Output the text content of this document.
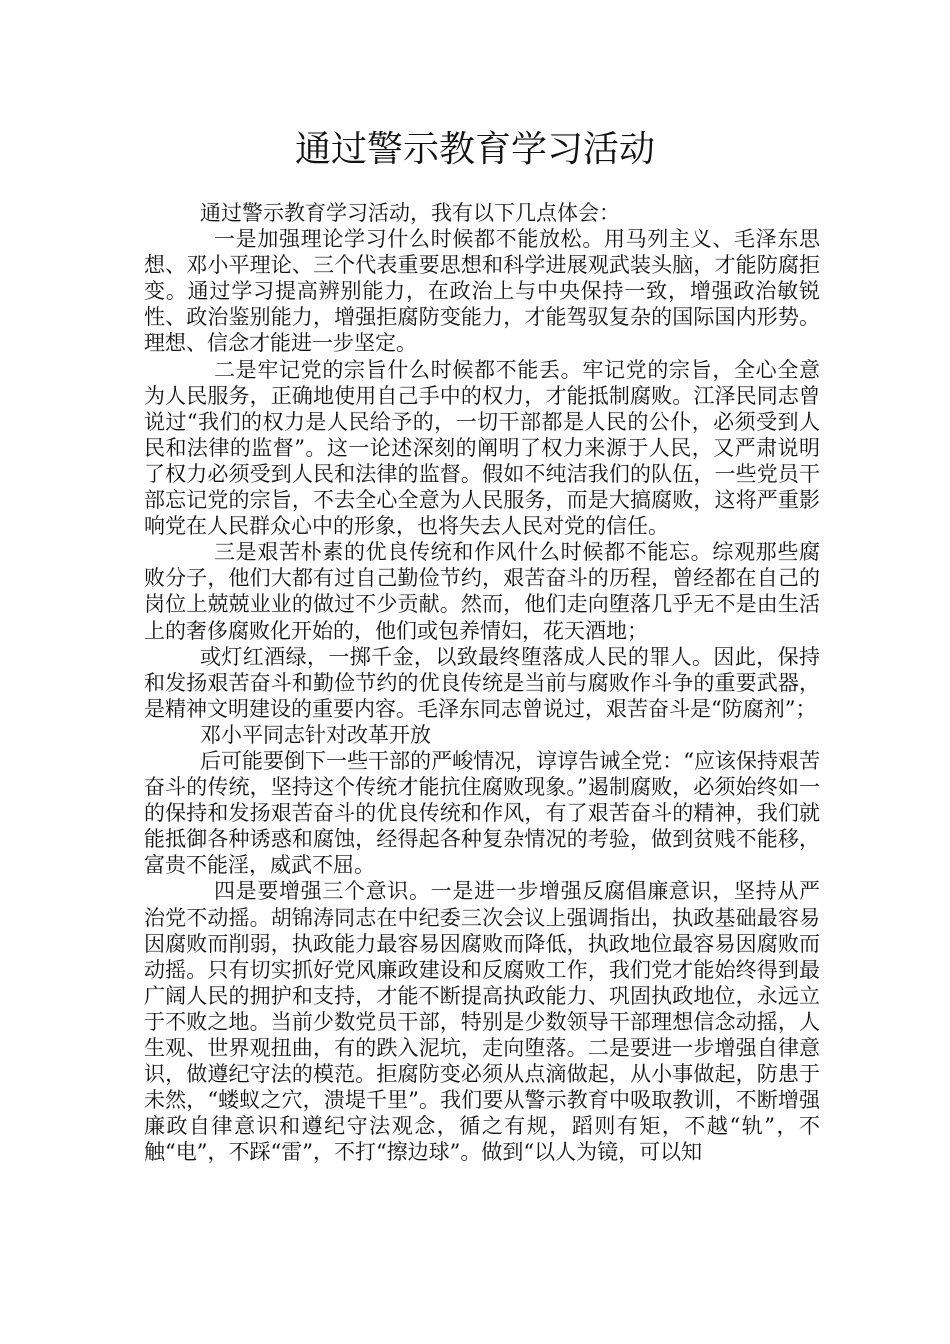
通过警示教育学习活动

通过警示教育学习活动，我有以下几点体会：

一是加强理论学习什么时候都不能放松。用马列主义、毛泽东思想、邓小平理论、三个代表重要思想和科学进展观武装头脑，才能防腐拒变。通过学习提高辨别能力，在政治上与中央保持一致，增强政治敏锐性、政治鉴别能力，增强拒腐防变能力，才能驾驭复杂的国际国内形势。理想、信念才能进一步坚定。

二是牢记党的宗旨什么时候都不能丢。牢记党的宗旨，全心全意为人民服务，正确地使用自己手中的权力，才能抵制腐败。江泽民同志曾说过“我们的权力是人民给予的，一切干部都是人民的公仆，必须受到人民和法律的监督”。这一论述深刻的阐明了权力来源于人民，又严肃说明了权力必须受到人民和法律的监督。假如不纯洁我们的队伍，一些党员干部忘记党的宗旨，不去全心全意为人民服务，而是大搞腐败，这将严重影响党在人民群众心中的形象，也将失去人民对党的信任。

三是艰苦朴素的优良传统和作风什么时候都不能忘。综观那些腐败分子，他们大都有过自己勤俭节约，艰苦奋斗的历程，曾经都在自己的岗位上兢兢业业的做过不少贡献。然而，他们走向堕落几乎无不是由生活上的奢侈腐败化开始的，他们或包养情妇，花天酒地；

或灯红酒绿，一掷千金，以致最终堕落成人民的罪人。因此，保持和发扬艰苦奋斗和勤俭节约的优良传统是当前与腐败作斗争的重要武器，是精神文明建设的重要内容。毛泽东同志曾说过，艰苦奋斗是“防腐剂”；

邓小平同志针对改革开放

后可能要倒下一些干部的严峻情况，谆谆告诫全党：“应该保持艰苦奋斗的传统，坚持这个传统才能抗住腐败现象。”遏制腐败，必须始终如一的保持和发扬艰苦奋斗的优良传统和作风，有了艰苦奋斗的精神，我们就能抵御各种诱惑和腐蚀，经得起各种复杂情况的考验，做到贫贱不能移，富贵不能淫，威武不屈。

四是要增强三个意识。一是进一步增强反腐倡廉意识，坚持从严治党不动摇。胡锦涛同志在中纪委三次会议上强调指出，执政基础最容易因腐败而削弱，执政能力最容易因腐败而降低，执政地位最容易因腐败而动摇。只有切实抓好党风廉政建设和反腐败工作，我们党才能始终得到最广阔人民的拥护和支持，才能不断提高执政能力、巩固执政地位，永远立于不败之地。当前少数党员干部，特别是少数领导干部理想信念动摇，人生观、世界观扭曲，有的跌入泥坑，走向堕落。二是要进一步增强自律意识，做遵纪守法的模范。拒腐防变必须从点滴做起，从小事做起，防患于未然，“蝼蚁之穴，溃堤千里”。我们要从警示教育中吸取教训，不断增强廉政自律意识和遵纪守法观念，循之有规，蹈则有矩，不越“轨”，不触“电”，不踩“雷”，不打“擦边球”。做到“以人为镜，可以知
